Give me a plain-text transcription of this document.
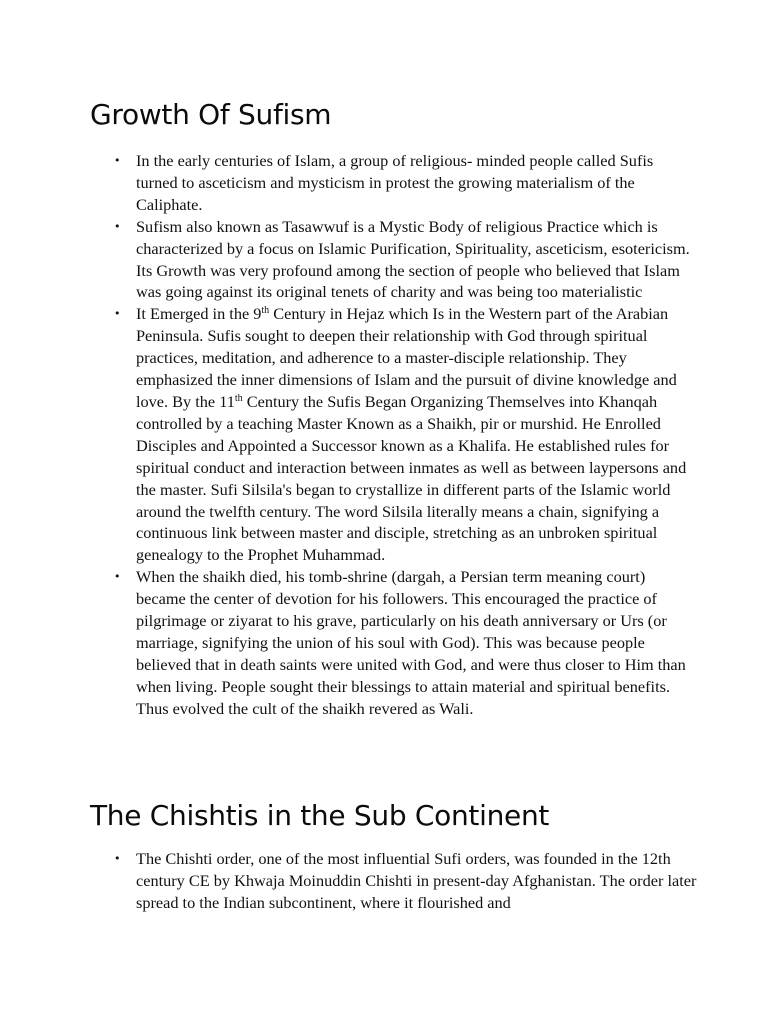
Growth Of Sufism
• In the early centuries of Islam, a group of religious- minded people called Sufis turned to asceticism and mysticism in protest the growing materialism of the Caliphate.
• Sufism also known as Tasawwuf is a Mystic Body of religious Practice which is characterized by a focus on Islamic Purification, Spirituality, asceticism, esotericism. Its Growth was very profound among the section of people who believed that Islam was going against its original tenets of charity and was being too materialistic
• It Emerged in the 9th Century in Hejaz which Is in the Western part of the Arabian Peninsula. Sufis sought to deepen their relationship with God through spiritual practices, meditation, and adherence to a master-disciple relationship. They emphasized the inner dimensions of Islam and the pursuit of divine knowledge and love. By the 11th Century the Sufis Began Organizing Themselves into Khanqah controlled by a teaching Master Known as a Shaikh, pir or murshid. He Enrolled Disciples and Appointed a Successor known as a Khalifa. He established rules for spiritual conduct and interaction between inmates as well as between laypersons and the master. Sufi Silsila's began to crystallize in different parts of the Islamic world around the twelfth century. The word Silsila literally means a chain, signifying a continuous link between master and disciple, stretching as an unbroken spiritual genealogy to the Prophet Muhammad.
• When the shaikh died, his tomb-shrine (dargah, a Persian term meaning court) became the center of devotion for his followers. This encouraged the practice of pilgrimage or ziyarat to his grave, particularly on his death anniversary or Urs (or marriage, signifying the union of his soul with God). This was because people believed that in death saints were united with God, and were thus closer to Him than when living. People sought their blessings to attain material and spiritual benefits. Thus evolved the cult of the shaikh revered as Wali.
The Chishtis in the Sub Continent
• The Chishti order, one of the most influential Sufi orders, was founded in the 12th century CE by Khwaja Moinuddin Chishti in present-day Afghanistan. The order later spread to the Indian subcontinent, where it flourished and
